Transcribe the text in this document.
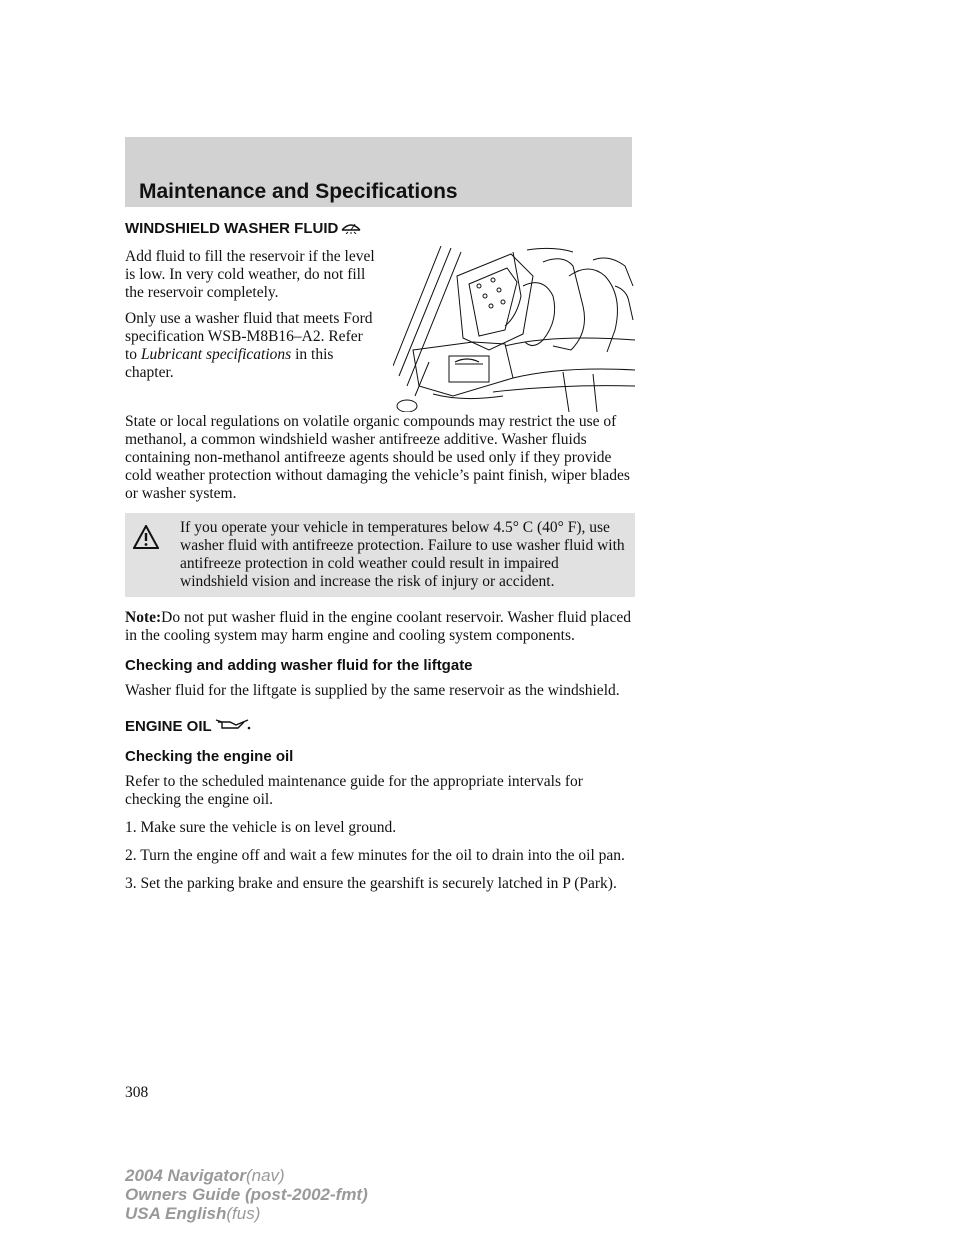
Maintenance and Specifications
WINDSHIELD WASHER FLUID

Add fluid to fill the reservoir if the level is low. In very cold weather, do not fill the reservoir completely.

Only use a washer fluid that meets Ford specification WSB-M8B16–A2. Refer to Lubricant specifications in this chapter.

State or local regulations on volatile organic compounds may restrict the use of methanol, a common windshield washer antifreeze additive. Washer fluids containing non-methanol antifreeze agents should be used only if they provide cold weather protection without damaging the vehicle’s paint finish, wiper blades or washer system.

If you operate your vehicle in temperatures below 4.5° C (40° F), use washer fluid with antifreeze protection. Failure to use washer fluid with antifreeze protection in cold weather could result in impaired windshield vision and increase the risk of injury or accident.

Note:Do not put washer fluid in the engine coolant reservoir. Washer fluid placed in the cooling system may harm engine and cooling system components.

Checking and adding washer fluid for the liftgate

Washer fluid for the liftgate is supplied by the same reservoir as the windshield.

ENGINE OIL
Checking the engine oil

Refer to the scheduled maintenance guide for the appropriate intervals for checking the engine oil.

1. Make sure the vehicle is on level ground.

2. Turn the engine off and wait a few minutes for the oil to drain into the oil pan.

3. Set the parking brake and ensure the gearshift is securely latched in P (Park).

308
2004 Navigator(nav)
Owners Guide (post-2002-fmt)
USA English(fus)
